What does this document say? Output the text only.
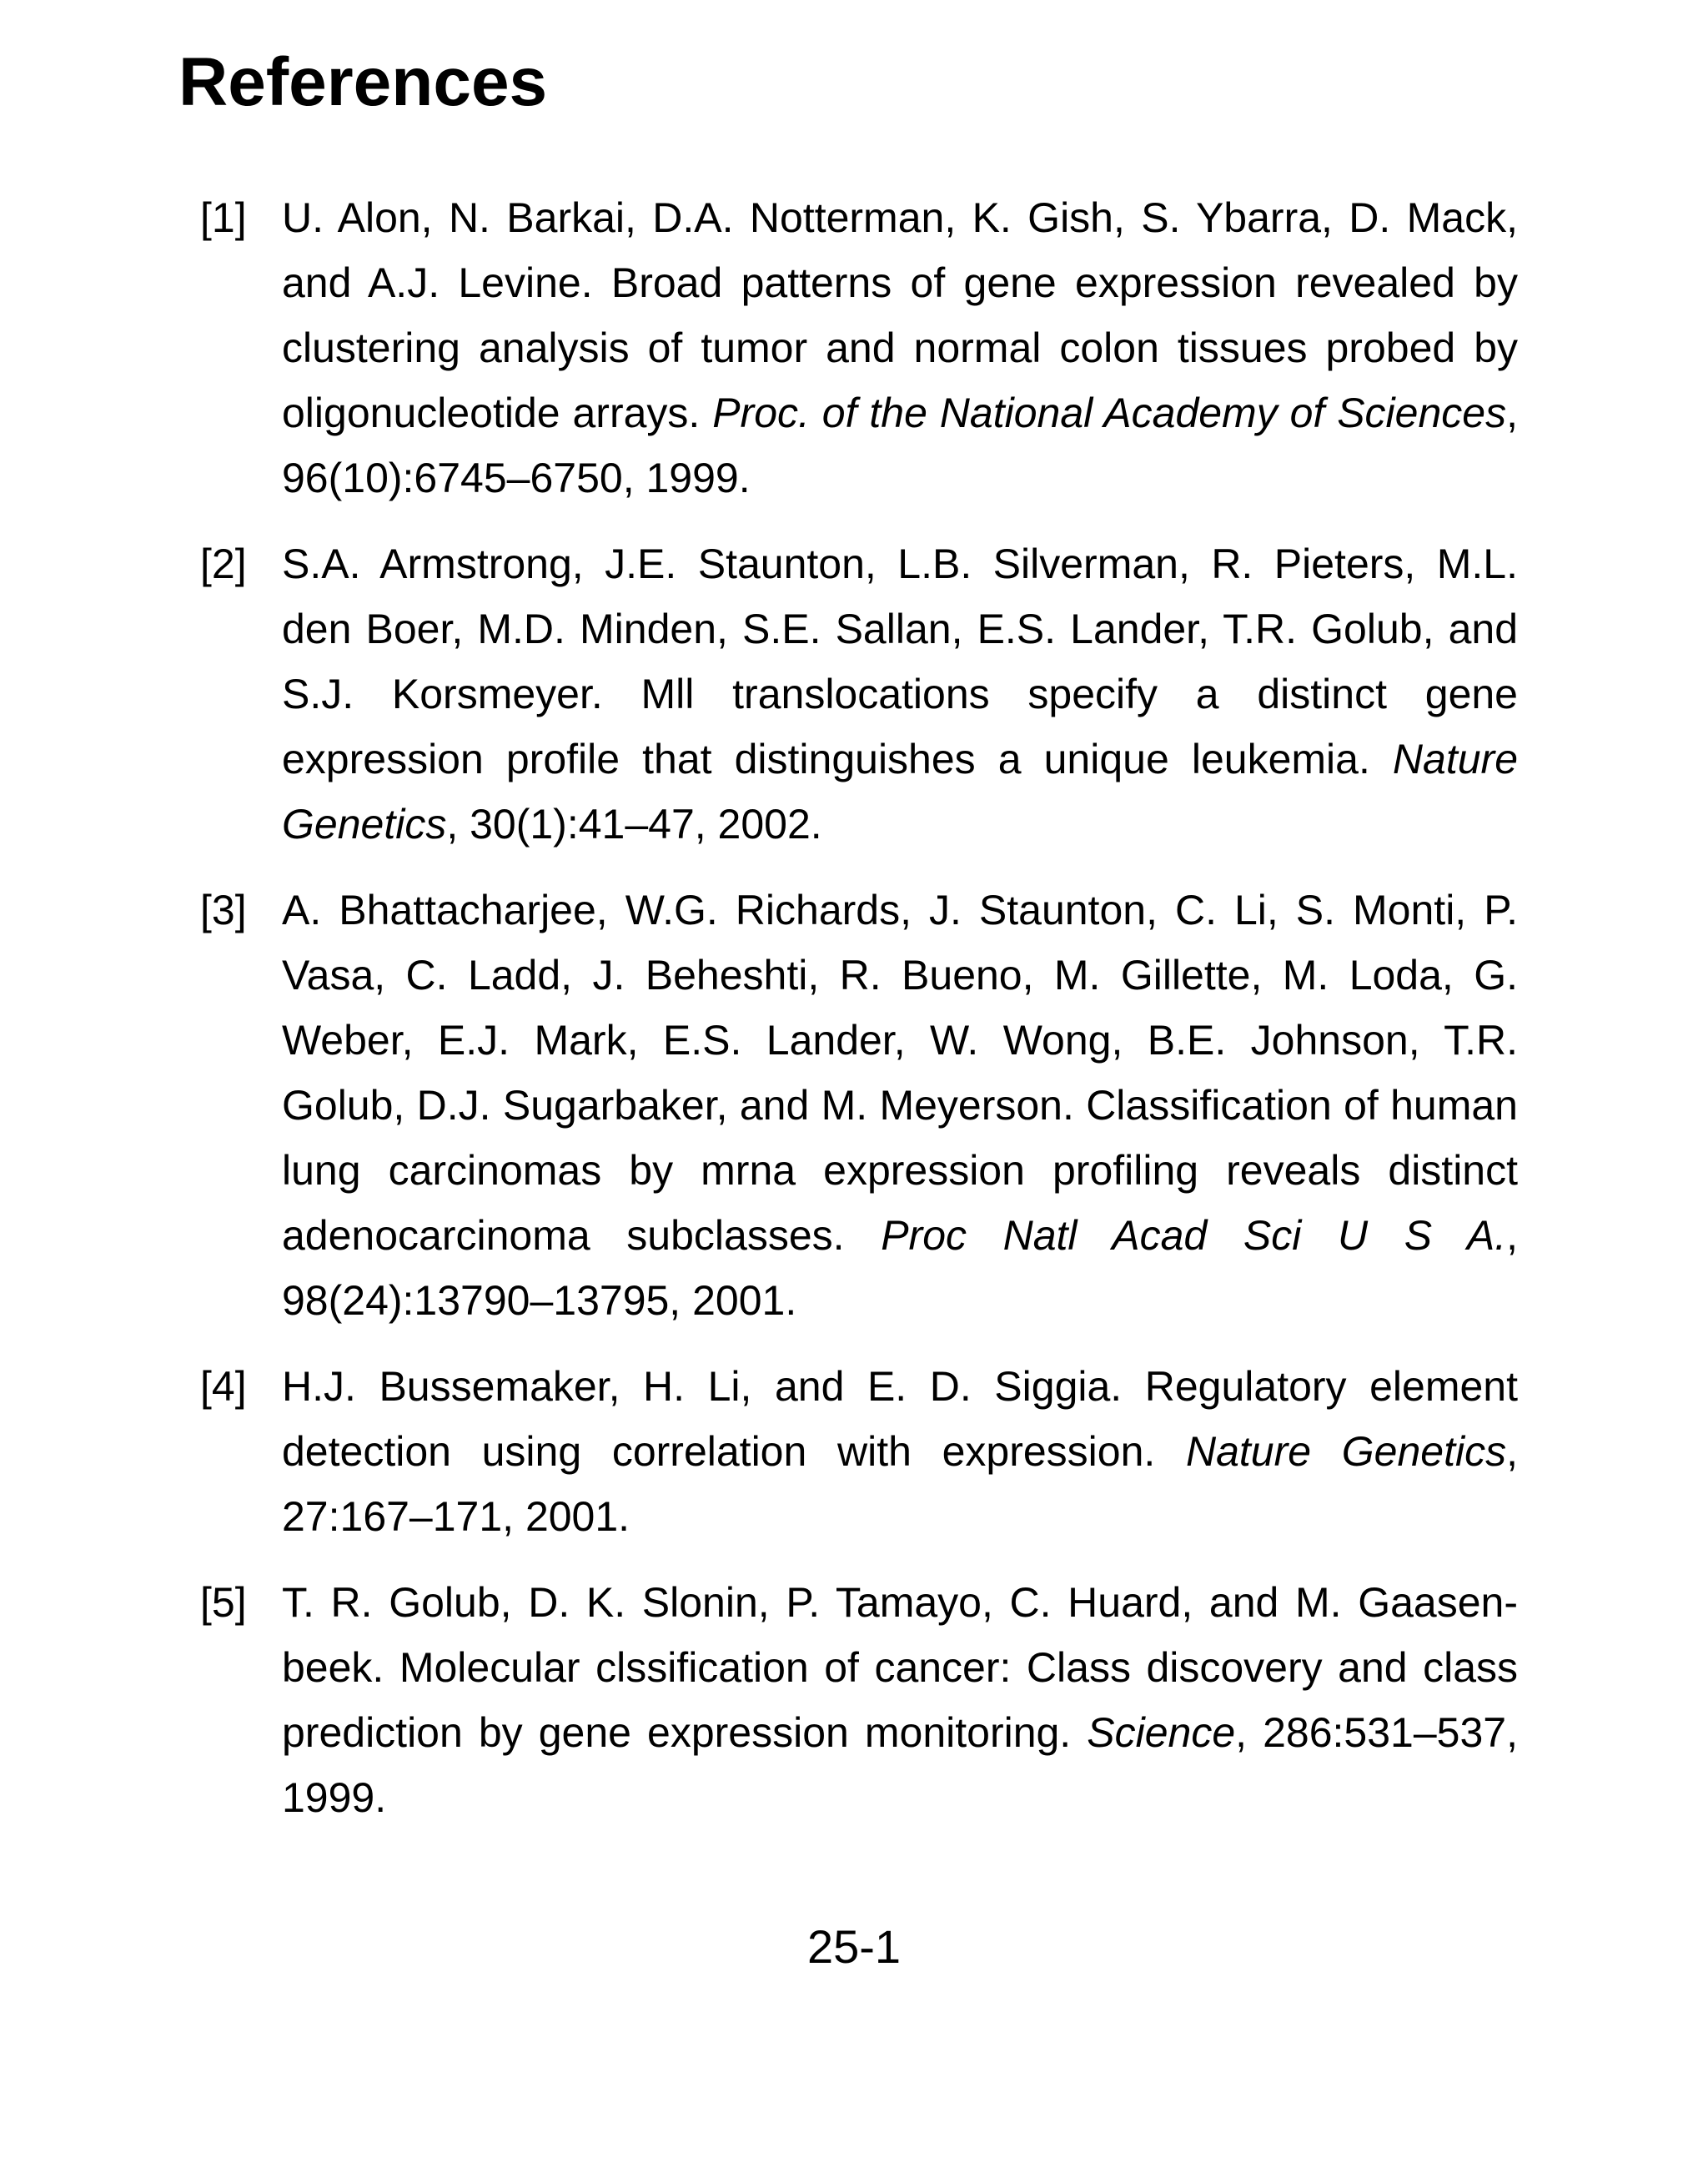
References
[1] U. Alon, N. Barkai, D.A. Notterman, K. Gish, S. Ybarra, D. Mack, and A.J. Levine. Broad patterns of gene expression revealed by clustering analysis of tumor and normal colon tissues probed by oligonucleotide arrays. Proc. of the National Academy of Sciences, 96(10):6745–6750, 1999.
[2] S.A. Armstrong, J.E. Staunton, L.B. Silverman, R. Pieters, M.L. den Boer, M.D. Minden, S.E. Sallan, E.S. Lander, T.R. Golub, and S.J. Korsmeyer. Mll translocations specify a distinct gene expression profile that distinguishes a unique leukemia. Nature Genetics, 30(1):41–47, 2002.
[3] A. Bhattacharjee, W.G. Richards, J. Staunton, C. Li, S. Monti, P. Vasa, C. Ladd, J. Beheshti, R. Bueno, M. Gillette, M. Loda, G. Weber, E.J. Mark, E.S. Lander, W. Wong, B.E. Johnson, T.R. Golub, D.J. Sugarbaker, and M. Meyerson. Classification of human lung carcinomas by mrna expression profiling reveals distinct adenocarcinoma subclasses. Proc Natl Acad Sci U S A., 98(24):13790–13795, 2001.
[4] H.J. Bussemaker, H. Li, and E. D. Siggia. Regulatory element detection using correlation with expression. Nature Genetics, 27:167–171, 2001.
[5] T. R. Golub, D. K. Slonin, P. Tamayo, C. Huard, and M. Gaasenbeek. Molecular clssification of cancer: Class discovery and class prediction by gene expression monitoring. Science, 286:531–537, 1999.
25-1
